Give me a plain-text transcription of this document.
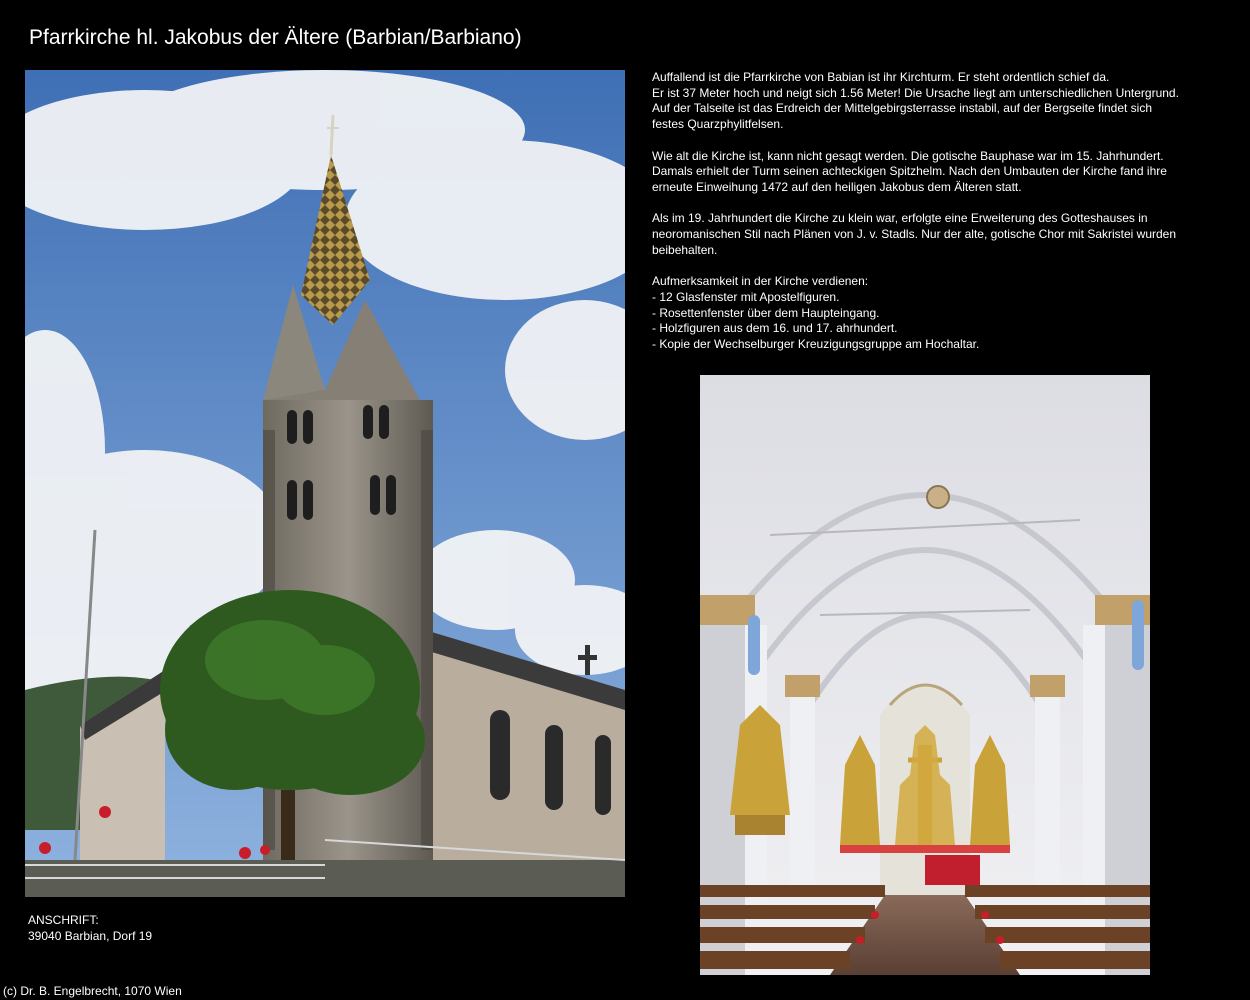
Pfarrkirche hl. Jakobus der Ältere (Barbian/Barbiano)

Auffallend ist die Pfarrkirche von Babian ist ihr Kirchturm. Er steht ordentlich schief da.
Er ist 37 Meter hoch und neigt sich 1.56 Meter! Die Ursache liegt am unterschiedlichen Untergrund.
Auf der Talseite ist das Erdreich der Mittelgebirgsterrasse instabil, auf der Bergseite findet sich
festes Quarzphylitfelsen.

Wie alt die Kirche ist, kann nicht gesagt werden. Die gotische Bauphase war im 15. Jahrhundert.
Damals erhielt der Turm seinen achteckigen Spitzhelm. Nach den Umbauten der Kirche fand ihre
erneute Einweihung 1472 auf den heiligen Jakobus dem Älteren statt.

Als im 19. Jahrhundert die Kirche zu klein war, erfolgte eine Erweiterung des Gotteshauses in
neoromanischen Stil nach Plänen von J. v. Stadls. Nur der alte, gotische Chor mit Sakristei wurden
beibehalten.

Aufmerksamkeit in der Kirche verdienen:
- 12 Glasfenster mit Apostelfiguren.
- Rosettenfenster über dem Haupteingang.
- Holzfiguren aus dem 16. und 17. ahrhundert.
- Kopie der Wechselburger Kreuzigungsgruppe am Hochaltar.

ANSCHRIFT:
39040 Barbian, Dorf 19
(c) Dr. B. Engelbrecht, 1070 Wien
